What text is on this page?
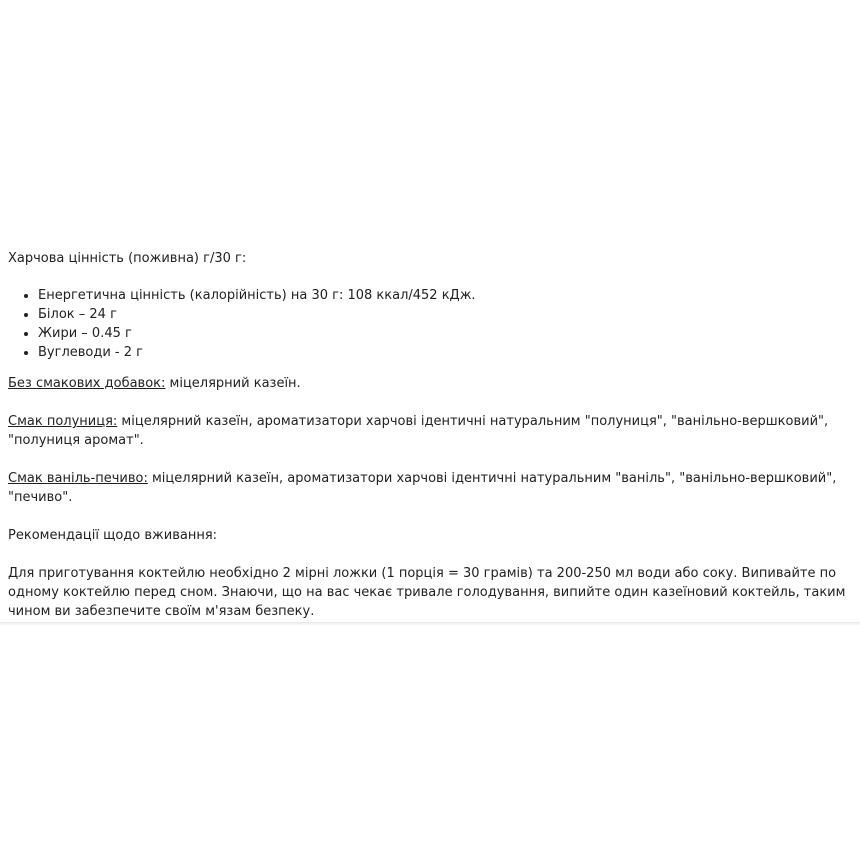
Харчова цінність (поживна) г/30 г:

• Енергетична цінність (калорійність) на 30 г: 108 ккал/452 кДж.
• Білок – 24 г
• Жири – 0.45 г
• Вуглеводи - 2 г

Без смакових добавок: міцелярний казеїн.

Смак полуниця: міцелярний казеїн, ароматизатори харчові ідентичні натуральним "полуниця", "ванільно-вершковий", "полуниця аромат".

Смак ваніль-печиво: міцелярний казеїн, ароматизатори харчові ідентичні натуральним "ваніль", "ванільно-вершковий", "печиво".

Рекомендації щодо вживання:

Для приготування коктейлю необхідно 2 мірні ложки (1 порція = 30 грамів) та 200-250 мл води або соку. Випивайте по одному коктейлю перед сном. Знаючи, що на вас чекає тривале голодування, випийте один казеїновий коктейль, таким чином ви забезпечите своїм м'язам безпеку.
